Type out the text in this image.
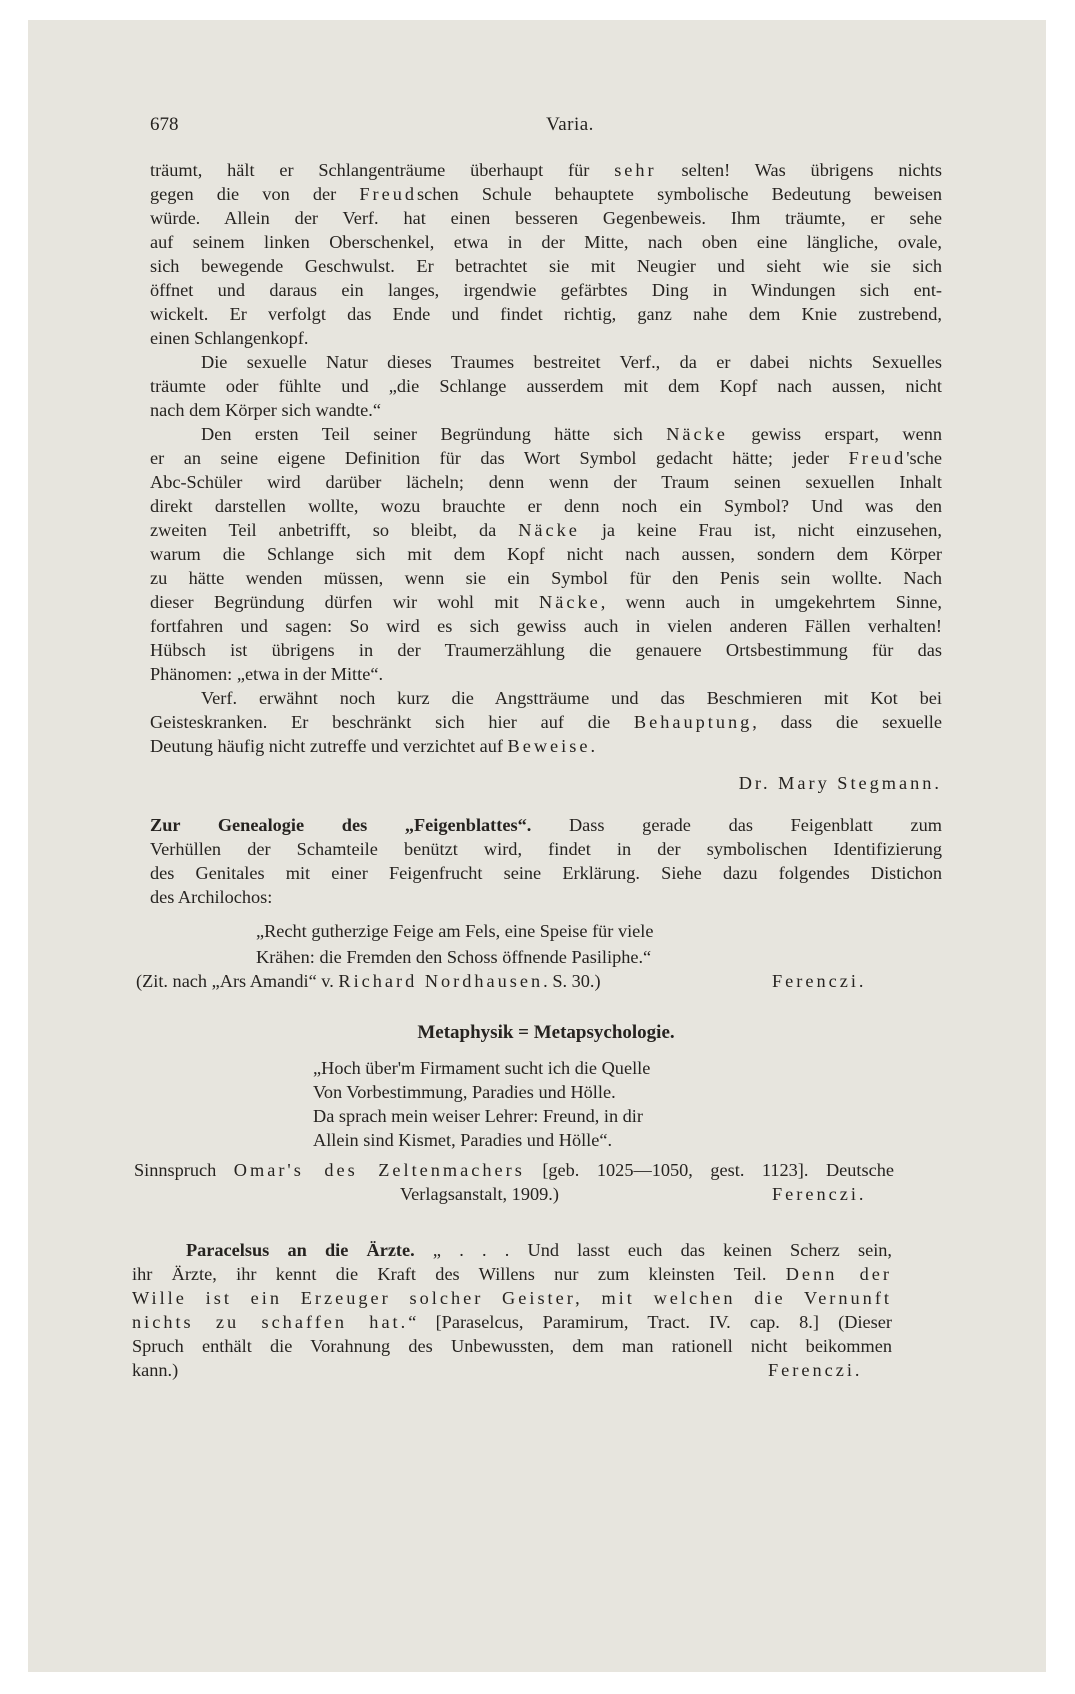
678	Varia.
träumt, hält er Schlangenträume überhaupt für sehr selten! Was übrigens nichts
gegen die von der Freudschen Schule behauptete symbolische Bedeutung beweisen
würde. Allein der Verf. hat einen besseren Gegenbeweis. Ihm träumte, er sehe
auf seinem linken Oberschenkel, etwa in der Mitte, nach oben eine längliche, ovale,
sich bewegende Geschwulst. Er betrachtet sie mit Neugier und sieht wie sie sich
öffnet und daraus ein langes, irgendwie gefärbtes Ding in Windungen sich ent-
wickelt. Er verfolgt das Ende und findet richtig, ganz nahe dem Knie zustrebend,
einen Schlangenkopf.
Die sexuelle Natur dieses Traumes bestreitet Verf., da er dabei nichts Sexuelles
träumte oder fühlte und „die Schlange ausserdem mit dem Kopf nach aussen, nicht
nach dem Körper sich wandte.“
Den ersten Teil seiner Begründung hätte sich Näcke gewiss erspart, wenn
er an seine eigene Definition für das Wort Symbol gedacht hätte; jeder Freud'sche
Abc-Schüler wird darüber lächeln; denn wenn der Traum seinen sexuellen Inhalt
direkt darstellen wollte, wozu brauchte er denn noch ein Symbol? Und was den
zweiten Teil anbetrifft, so bleibt, da Näcke ja keine Frau ist, nicht einzusehen,
warum die Schlange sich mit dem Kopf nicht nach aussen, sondern dem Körper
zu hätte wenden müssen, wenn sie ein Symbol für den Penis sein wollte. Nach
dieser Begründung dürfen wir wohl mit Näcke, wenn auch in umgekehrtem Sinne,
fortfahren und sagen: So wird es sich gewiss auch in vielen anderen Fällen verhalten!
Hübsch ist übrigens in der Traumerzählung die genauere Ortsbestimmung für das
Phänomen: „etwa in der Mitte“.
Verf. erwähnt noch kurz die Angstträume und das Beschmieren mit Kot bei
Geisteskranken. Er beschränkt sich hier auf die Behauptung, dass die sexuelle
Deutung häufig nicht zutreffe und verzichtet auf Beweise.
Dr. Mary Stegmann.
Zur Genealogie des „Feigenblattes“. Dass gerade das Feigenblatt zum
Verhüllen der Schamteile benützt wird, findet in der symbolischen Identifizierung
des Genitales mit einer Feigenfrucht seine Erklärung. Siehe dazu folgendes Distichon
des Archilochos:
„Recht gutherzige Feige am Fels, eine Speise für viele
Krähen: die Fremden den Schoss öffnende Pasiliphe.“
(Zit. nach „Ars Amandi“ v. Richard Nordhausen. S. 30.)	Ferenczi.
Metaphysik = Metapsychologie.
„Hoch über'm Firmament sucht ich die Quelle
Von Vorbestimmung, Paradies und Hölle.
Da sprach mein weiser Lehrer: Freund, in dir
Allein sind Kismet, Paradies und Hölle“.
Sinnspruch Omar's des Zeltenmachers [geb. 1025—1050, gest. 1123]. Deutsche
Verlagsanstalt, 1909.)	Ferenczi.
Paracelsus an die Ärzte. „ . . . Und lasst euch das keinen Scherz sein,
ihr Ärzte, ihr kennt die Kraft des Willens nur zum kleinsten Teil. Denn der
Wille ist ein Erzeuger solcher Geister, mit welchen die Vernunft
nichts zu schaffen hat.“ [Paraselcus, Paramirum, Tract. IV. cap. 8.] (Dieser
Spruch enthält die Vorahnung des Unbewussten, dem man rationell nicht beikommen
kann.)	Ferenczi.
